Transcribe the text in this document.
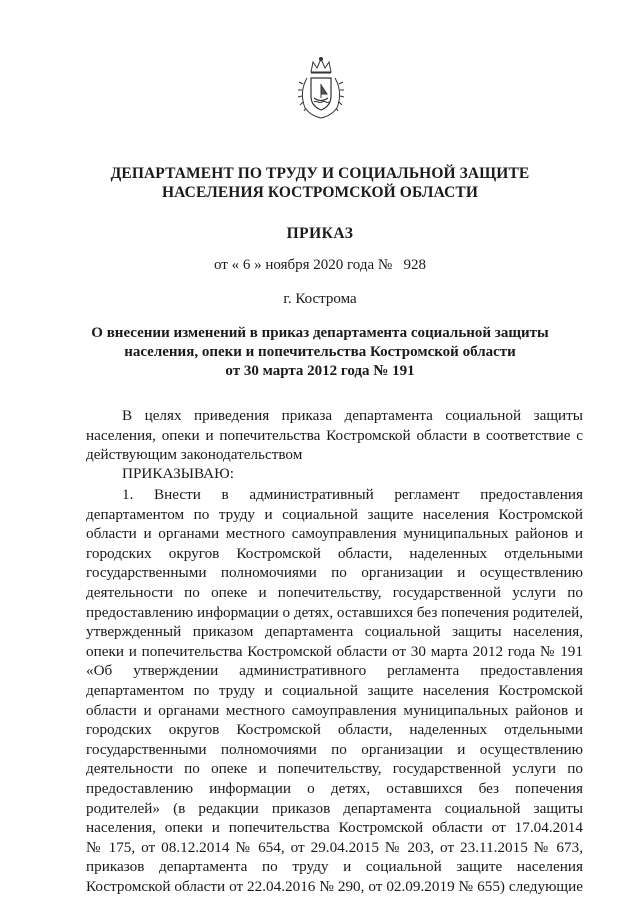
ДЕПАРТАМЕНТ ПО ТРУДУ И СОЦИАЛЬНОЙ ЗАЩИТЕ
НАСЕЛЕНИЯ КОСТРОМСКОЙ ОБЛАСТИ
ПРИКАЗ
от « 6 » ноября 2020 года №   928
г. Кострома
О внесении изменений в приказ департамента социальной защиты
населения, опеки и попечительства Костромской области
от 30 марта 2012 года № 191
В целях приведения приказа департамента социальной защиты
населения, опеки и попечительства Костромской области в соответствие с
действующим законодательством
ПРИКАЗЫВАЮ:
1. Внести в административный регламент предоставления
департаментом по труду и социальной защите населения Костромской
области и органами местного самоуправления муниципальных районов и
городских округов Костромской области, наделенных отдельными
государственными полномочиями по организации и осуществлению
деятельности по опеке и попечительству, государственной услуги по
предоставлению информации о детях, оставшихся без попечения родителей,
утвержденный приказом департамента социальной защиты населения,
опеки и попечительства Костромской области от 30 марта 2012 года № 191
«Об утверждении административного регламента предоставления
департаментом по труду и социальной защите населения Костромской
области и органами местного самоуправления муниципальных районов и
городских округов Костромской области, наделенных отдельными
государственными полномочиями по организации и осуществлению
деятельности по опеке и попечительству, государственной услуги по
предоставлению информации о детях, оставшихся без попечения
родителей» (в редакции приказов департамента социальной защиты
населения, опеки и попечительства Костромской области от 17.04.2014
№ 175, от 08.12.2014 № 654, от 29.04.2015 № 203, от 23.11.2015 № 673,
приказов департамента по труду и социальной защите населения
Костромской области от 22.04.2016 № 290, от 02.09.2019 № 655) следующие
